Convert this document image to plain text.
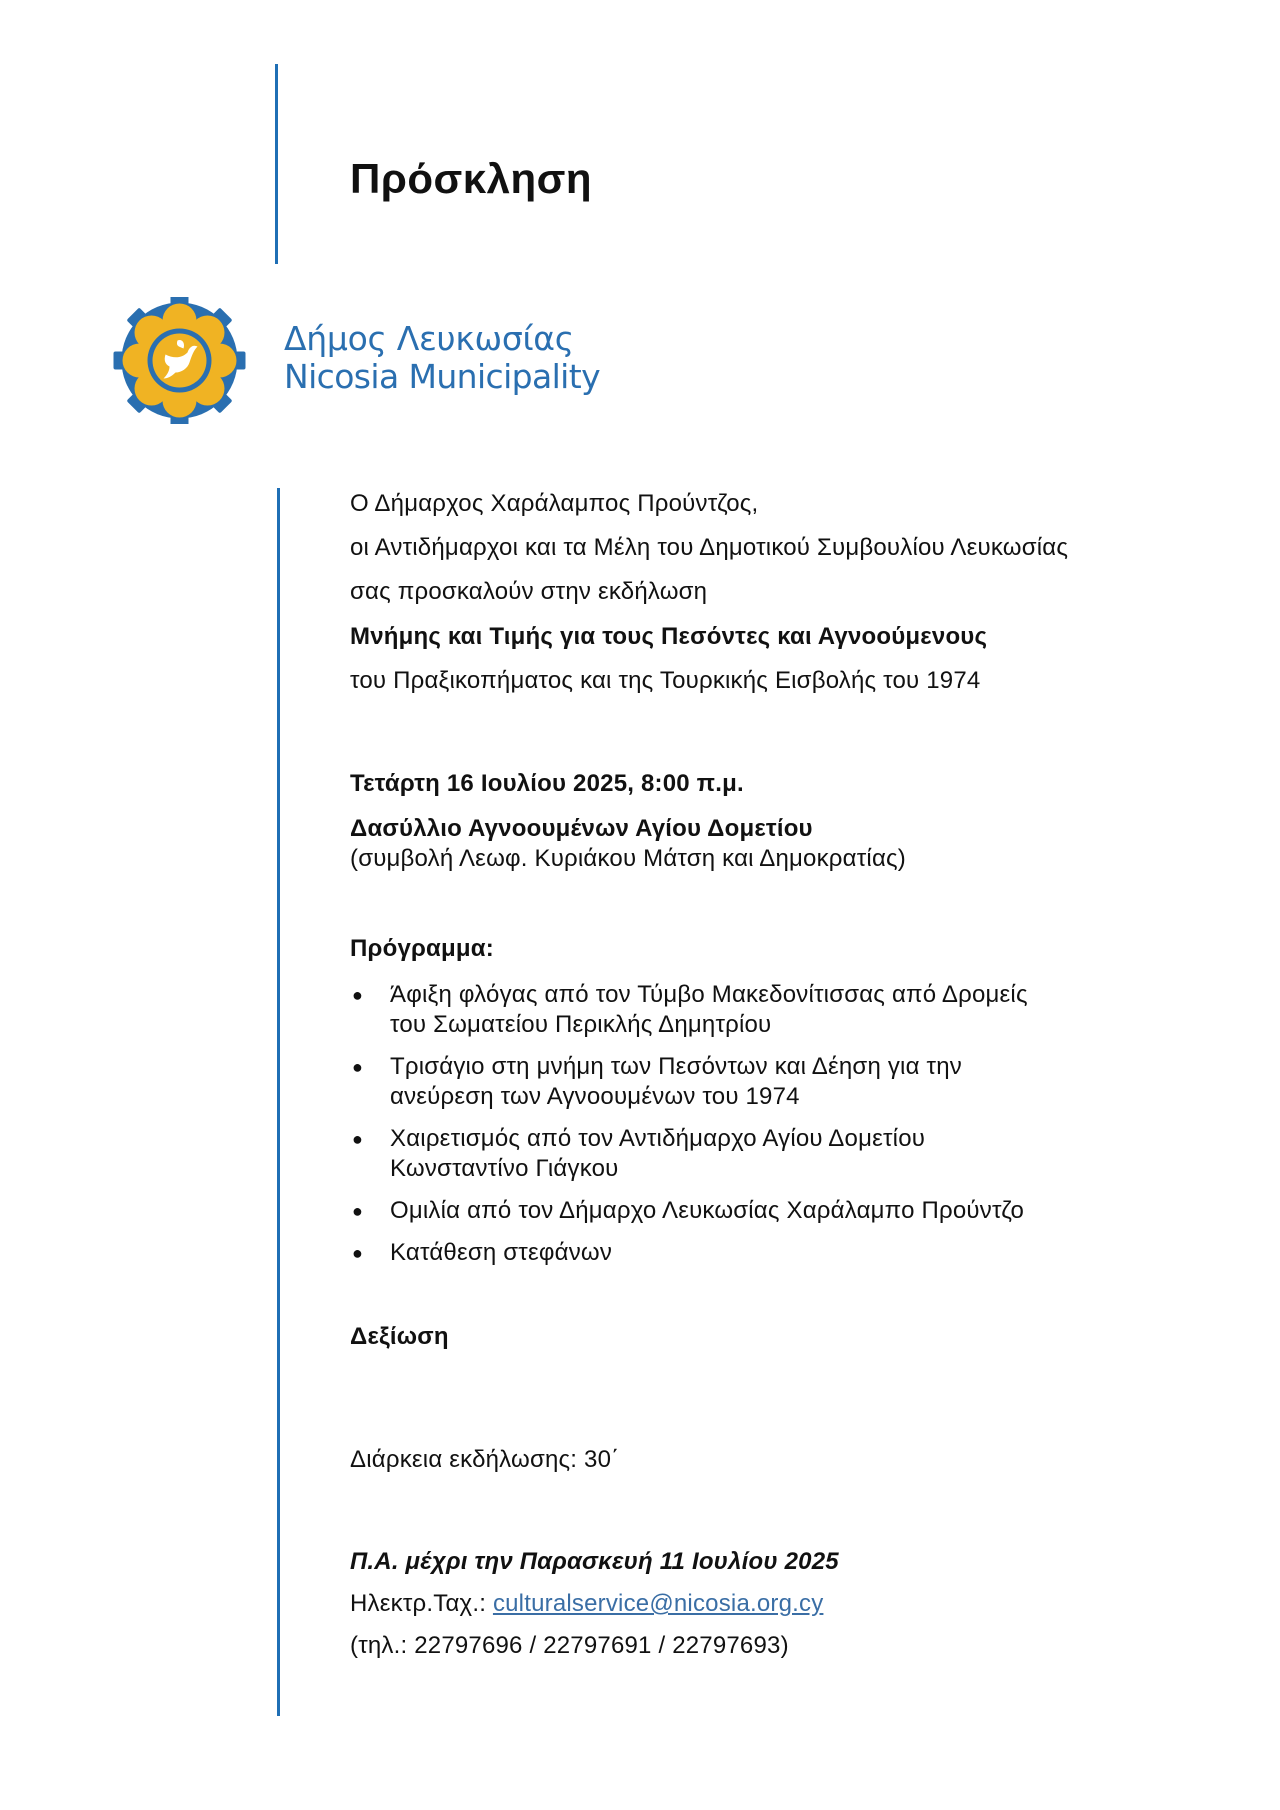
Πρόσκληση
Δήμος Λευκωσίας
Nicosia Municipality
Ο Δήμαρχος Χαράλαμπος Προύντζος,
οι Αντιδήμαρχοι και τα Μέλη του Δημοτικού Συμβουλίου Λευκωσίας
σας προσκαλούν στην εκδήλωση
Μνήμης και Τιμής για τους Πεσόντες και Αγνοούμενους
του Πραξικοπήματος και της Τουρκικής Εισβολής του 1974
Τετάρτη 16 Ιουλίου 2025, 8:00 π.μ.
Δασύλλιο Αγνοουμένων Αγίου Δομετίου
(συμβολή Λεωφ. Κυριάκου Μάτση και Δημοκρατίας)
Πρόγραμμα:
● Άφιξη φλόγας από τον Τύμβο Μακεδονίτισσας από Δρομείς
του Σωματείου Περικλής Δημητρίου
● Τρισάγιο στη μνήμη των Πεσόντων και Δέηση για την
ανεύρεση των Αγνοουμένων του 1974
● Χαιρετισμός από τον Αντιδήμαρχο Αγίου Δομετίου
Κωνσταντίνο Γιάγκου
● Ομιλία από τον Δήμαρχο Λευκωσίας Χαράλαμπο Προύντζο
● Κατάθεση στεφάνων
Δεξίωση
Διάρκεια εκδήλωσης: 30΄
Π.Α. μέχρι την Παρασκευή 11 Ιουλίου 2025
Ηλεκτρ.Ταχ.: culturalservice@nicosia.org.cy
(τηλ.: 22797696 / 22797691 / 22797693)
